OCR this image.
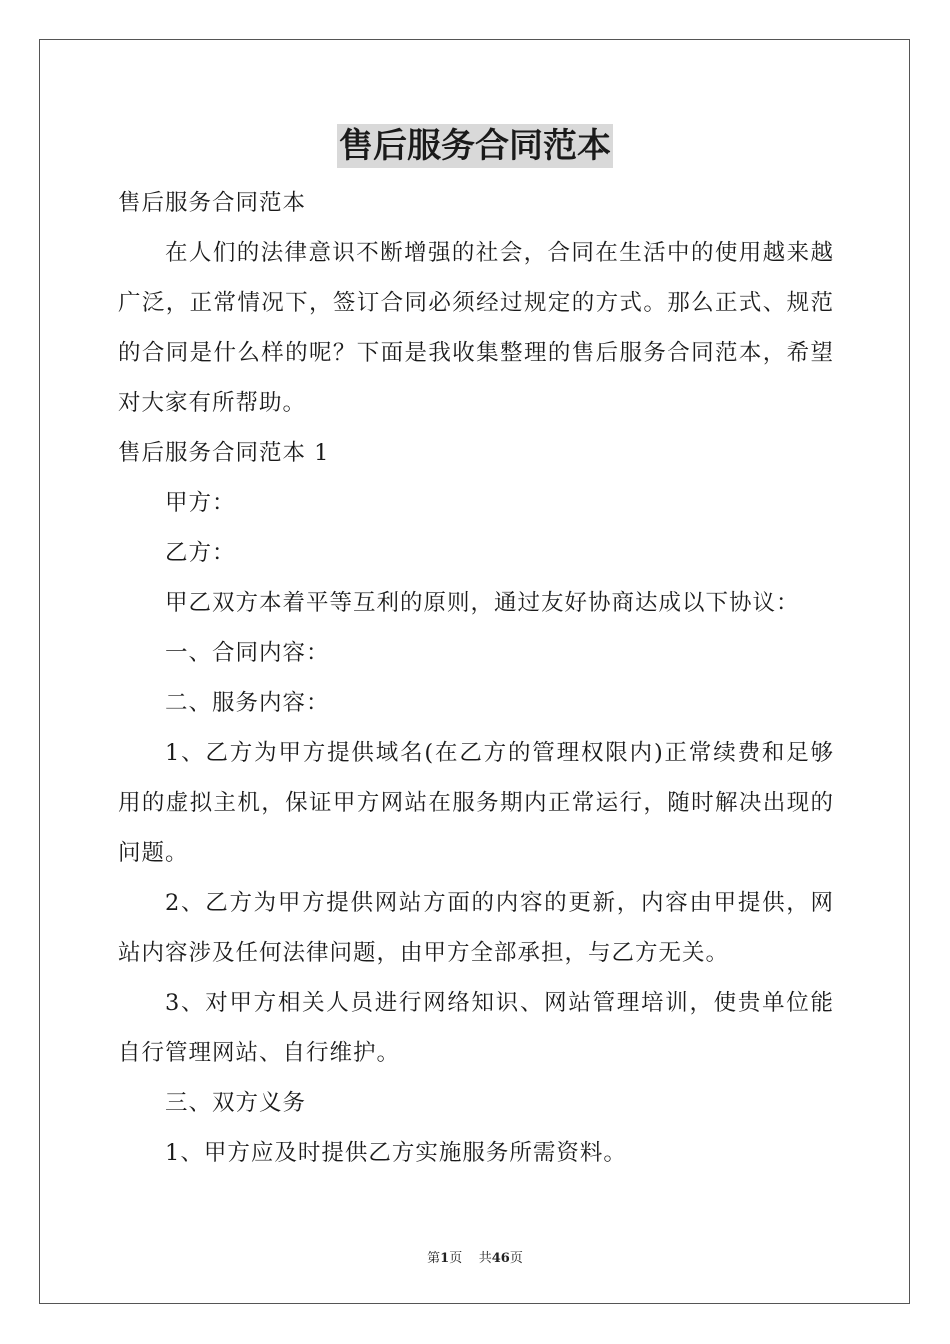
售后服务合同范本

售后服务合同范本

在人们的法律意识不断增强的社会，合同在生活中的使用越来越广泛，正常情况下，签订合同必须经过规定的方式。那么正式、规范的合同是什么样的呢？下面是我收集整理的售后服务合同范本，希望对大家有所帮助。

售后服务合同范本 1

甲方：

乙方：

甲乙双方本着平等互利的原则，通过友好协商达成以下协议：

一、合同内容：

二、服务内容：

1、乙方为甲方提供域名(在乙方的管理权限内)正常续费和足够用的虚拟主机，保证甲方网站在服务期内正常运行，随时解决出现的问题。

2、乙方为甲方提供网站方面的内容的更新，内容由甲提供，网站内容涉及任何法律问题，由甲方全部承担，与乙方无关。

3、对甲方相关人员进行网络知识、网站管理培训，使贵单位能自行管理网站、自行维护。

三、双方义务

1、甲方应及时提供乙方实施服务所需资料。

第1页 共46页
